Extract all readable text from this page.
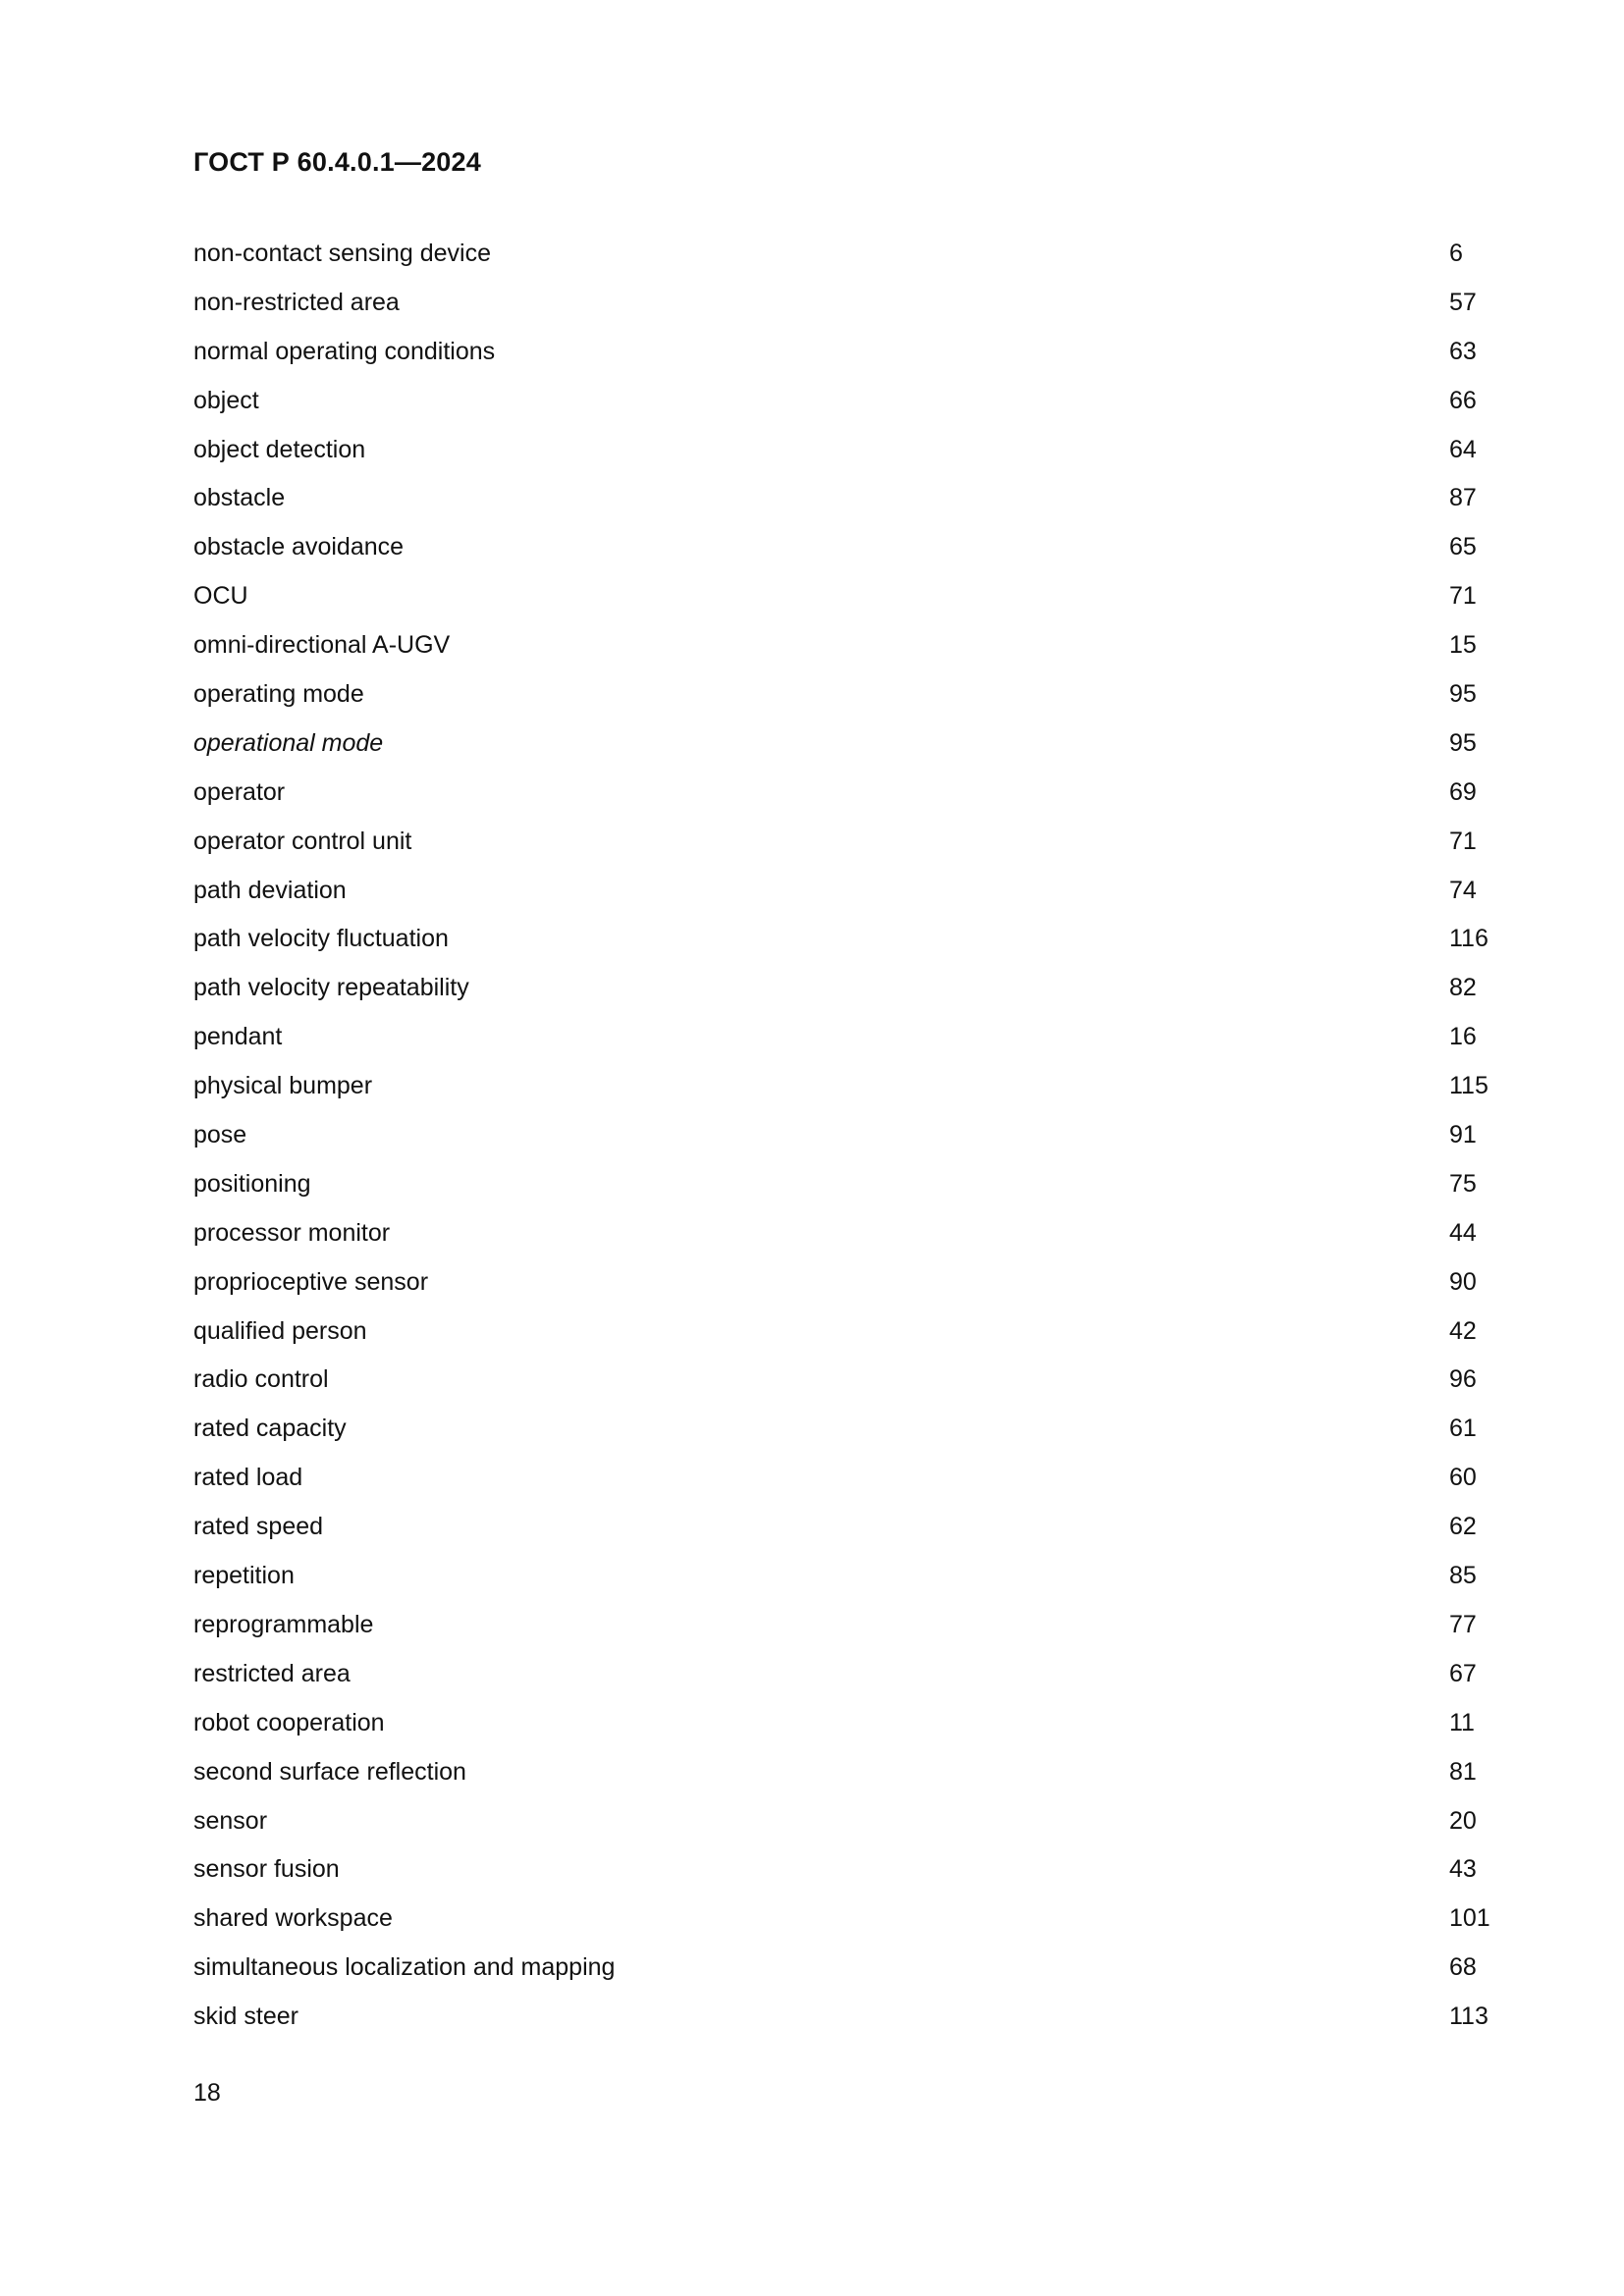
ГОСТ Р 60.4.0.1—2024
non-contact sensing device	6
non-restricted area	57
normal operating conditions	63
object	66
object detection	64
obstacle	87
obstacle avoidance	65
OCU	71
omni-directional A-UGV	15
operating mode	95
operational mode	95
operator	69
operator control unit	71
path deviation	74
path velocity fluctuation	116
path velocity repeatability	82
pendant	16
physical bumper	115
pose	91
positioning	75
processor monitor	44
proprioceptive sensor	90
qualified person	42
radio control	96
rated capacity	61
rated load	60
rated speed	62
repetition	85
reprogrammable	77
restricted area	67
robot cooperation	11
second surface reflection	81
sensor	20
sensor fusion	43
shared workspace	101
simultaneous localization and mapping	68
skid steer	113
18
